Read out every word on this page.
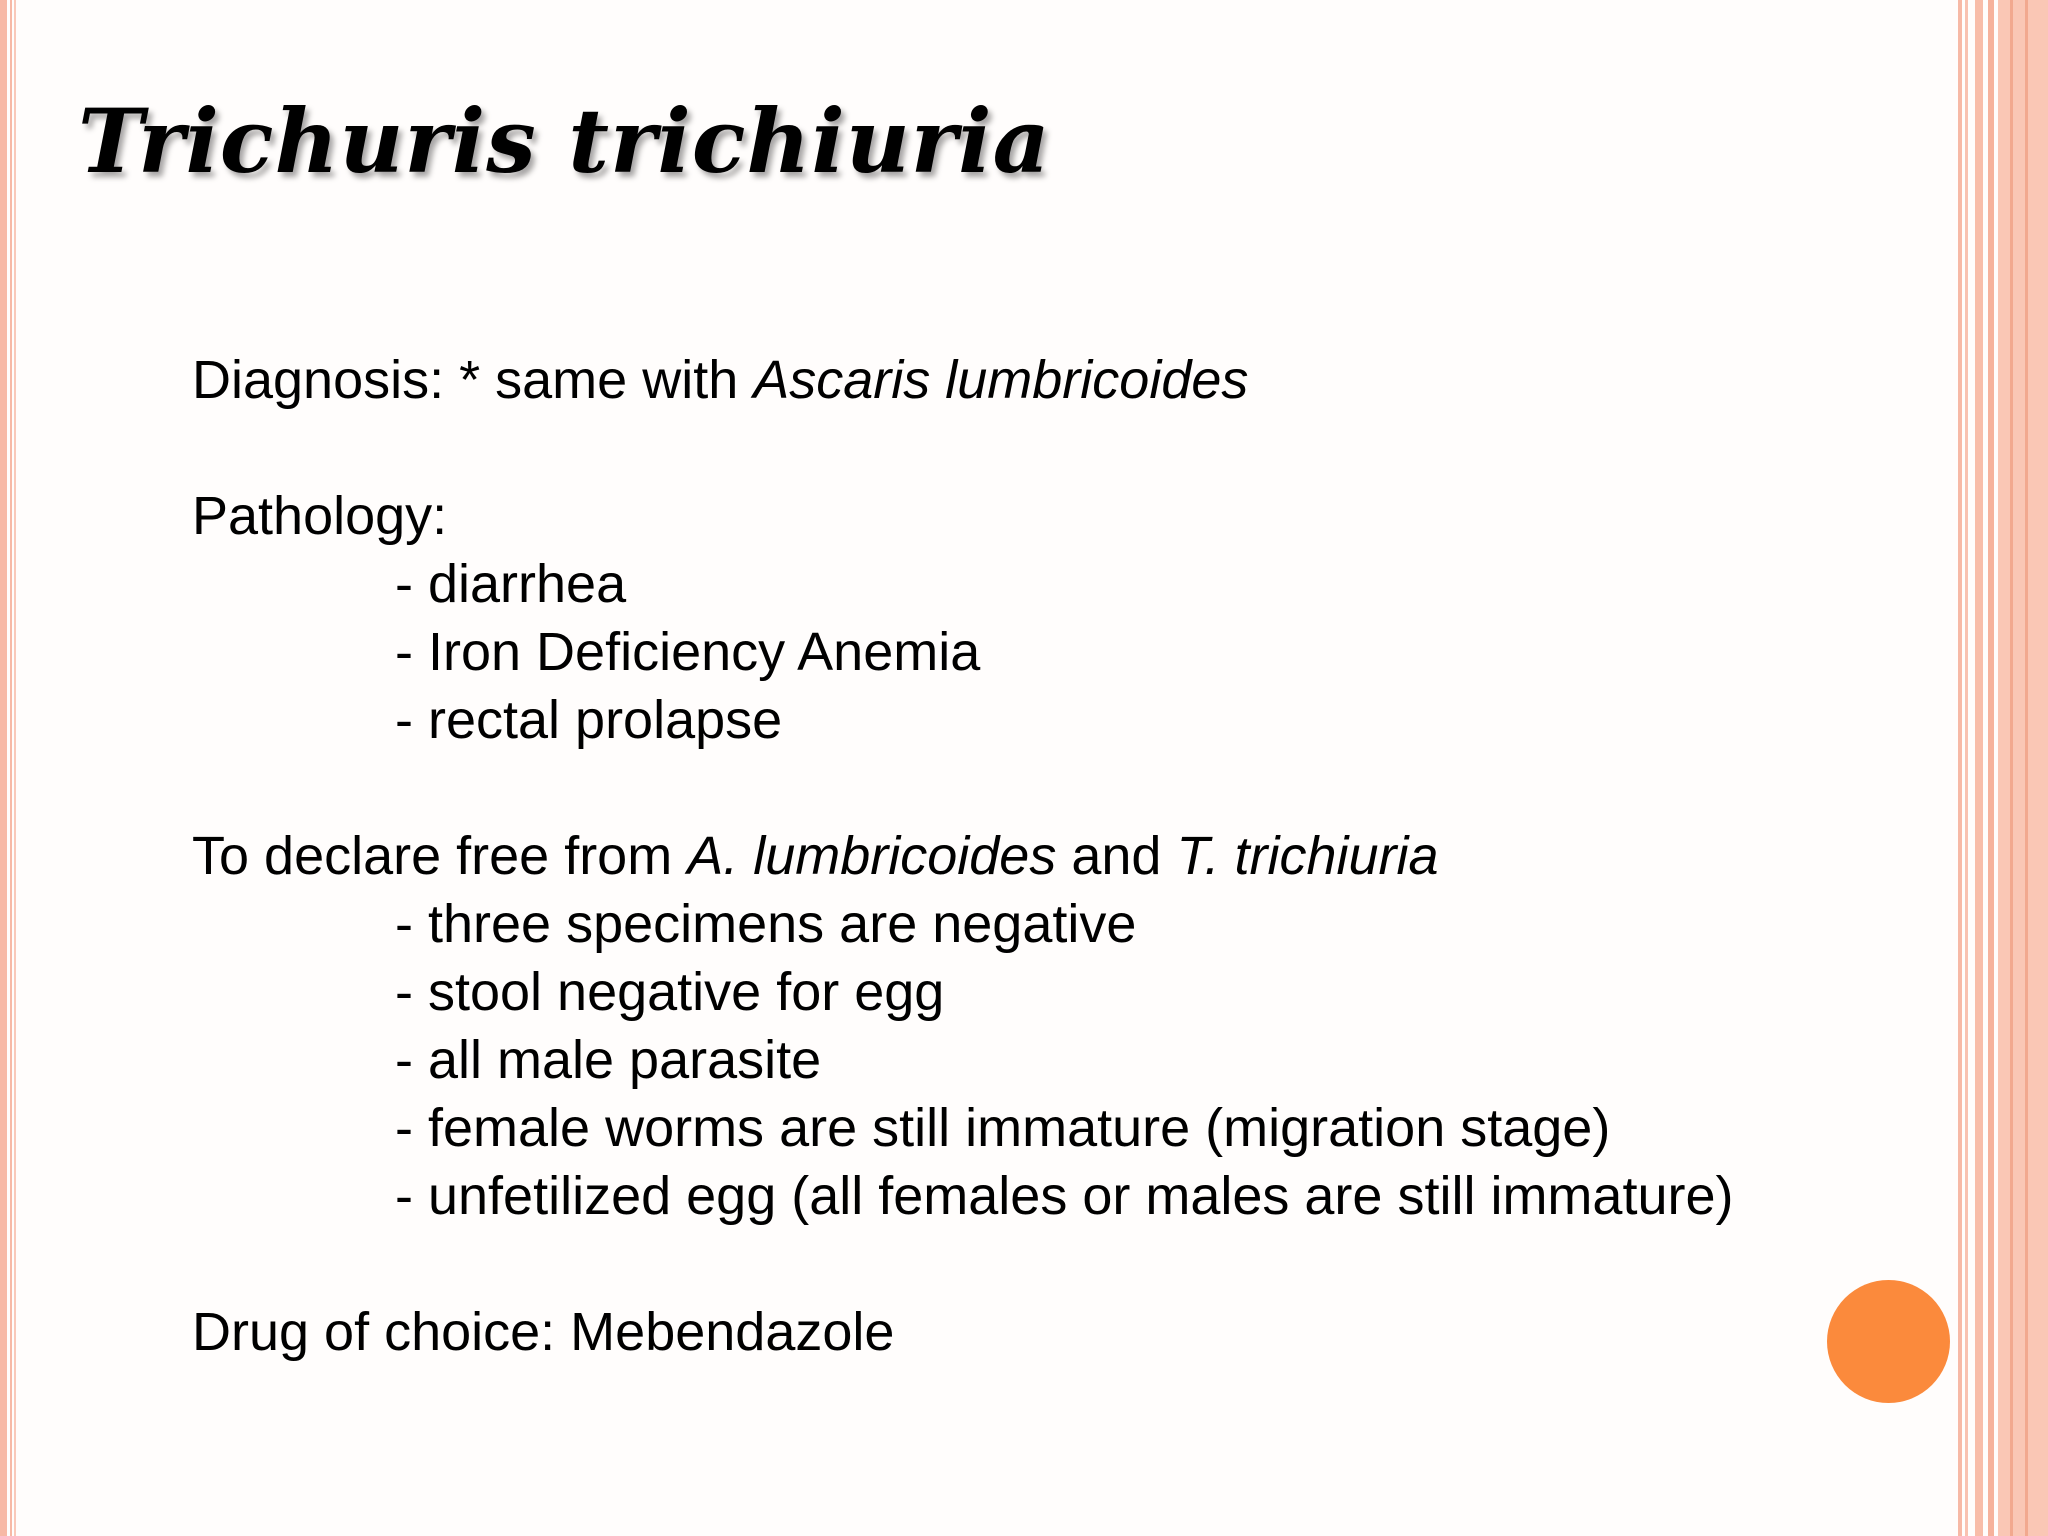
Trichuris trichiuria
Diagnosis: * same with Ascaris lumbricoides
Pathology:
- diarrhea
- Iron Deficiency Anemia
- rectal prolapse
To declare free from A. lumbricoides and T. trichiuria
- three specimens are negative
- stool negative for egg
- all male parasite
- female worms are still immature (migration stage)
- unfetilized egg (all females or males are still immature)
Drug of choice: Mebendazole
